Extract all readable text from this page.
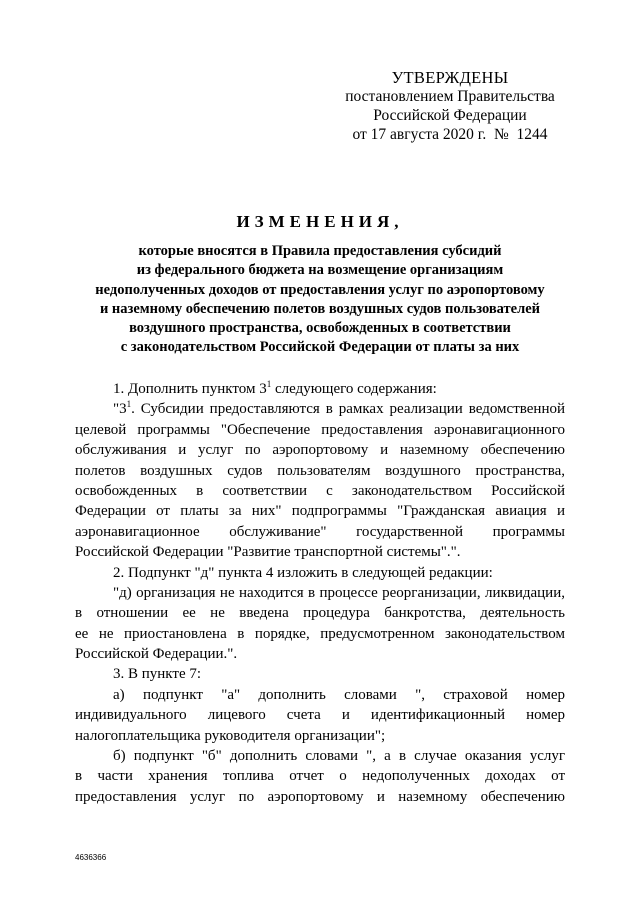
УТВЕРЖДЕНЫ
постановлением Правительства
Российской Федерации
от 17 августа 2020 г.  №  1244
ИЗМЕНЕНИЯ,
которые вносятся в Правила предоставления субсидий
из федерального бюджета на возмещение организациям
недополученных доходов от предоставления услуг по аэропортовому
и наземному обеспечению полетов воздушных судов пользователей
воздушного пространства, освобожденных в соответствии
с законодательством Российской Федерации от платы за них
1. Дополнить пунктом $3^1$ следующего содержания:
"$3^1$. Субсидии предоставляются в рамках реализации ведомственной
целевой программы "Обеспечение предоставления аэронавигационного
обслуживания и услуг по аэропортовому и наземному обеспечению
полетов воздушных судов пользователям воздушного пространства,
освобожденных в соответствии с законодательством Российской
Федерации от платы за них" подпрограммы "Гражданская авиация и
аэронавигационное обслуживание" государственной программы
Российской Федерации "Развитие транспортной системы".".
2. Подпункт "д" пункта 4 изложить в следующей редакции:
"д) организация не находится в процессе реорганизации, ликвидации,
в отношении ее не введена процедура банкротства, деятельность
ее не приостановлена в порядке, предусмотренном законодательством
Российской Федерации.".
3. В пункте 7:
а) подпункт "а" дополнить словами ", страховой номер
индивидуального лицевого счета и идентификационный номер
налогоплательщика руководителя организации";
б) подпункт "б" дополнить словами ", а в случае оказания услуг
в части хранения топлива отчет о недополученных доходах от
предоставления услуг по аэропортовому и наземному обеспечению
4636366
